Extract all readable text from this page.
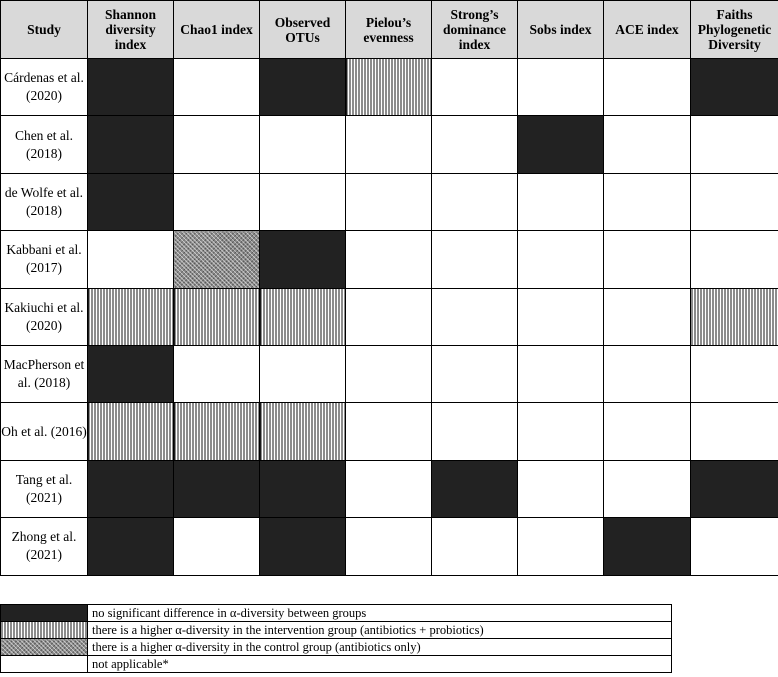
Study	Shannon diversity index	Chao1 index	Observed OTUs	Pielou’s evenness	Strong’s dominance index	Sobs index	ACE index	Faiths Phylogenetic Diversity
Cárdenas et al. (2020)								
Chen et al. (2018)								
de Wolfe et al. (2018)								
Kabbani et al. (2017)								
Kakiuchi et al. (2020)								
MacPherson et al. (2018)								
Oh et al. (2016)								
Tang et al. (2021)								
Zhong et al. (2021)								
	no significant difference in α-diversity between groups
	there is a higher α-diversity in the intervention group (antibiotics + probiotics)
	there is a higher α-diversity in the control group (antibiotics only)
	not applicable*
